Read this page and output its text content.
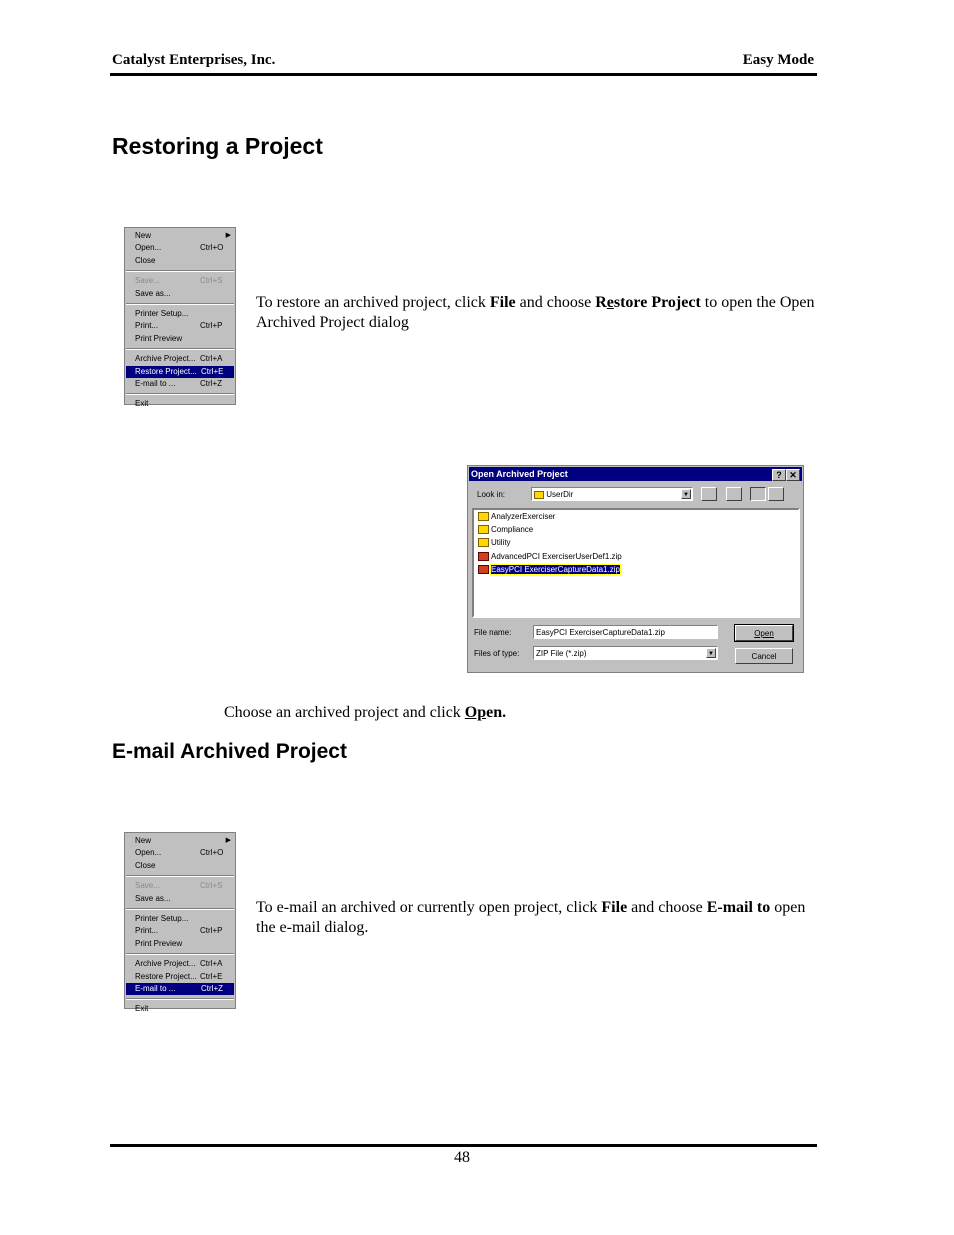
Catalyst Enterprises, Inc.	Easy Mode
Restoring a Project
New	▶
Open...	Ctrl+O
Close
Save...	Ctrl+S
Save as...
Printer Setup...
Print...	Ctrl+P
Print Preview
Archive Project... Ctrl+A
Restore Project... Ctrl+E
E-mail to ...	Ctrl+Z
Exit
To restore an archived project, click File and choose Restore Project to open the Open Archived Project dialog
Open Archived Project	? ✕
Look in:	UserDir	▼
AnalyzerExerciser
Compliance
Utility
AdvancedPCI ExerciserUserDef1.zip
EasyPCI ExerciserCaptureData1.zip
File name:	EasyPCI ExerciserCaptureData1.zip
Files of type:	ZIP File (*.zip)	▼
Open
Cancel
Choose an archived project and click Open.
E-mail Archived Project
New	▶
Open...	Ctrl+O
Close
Save...	Ctrl+S
Save as...
Printer Setup...
Print...	Ctrl+P
Print Preview
Archive Project... Ctrl+A
Restore Project... Ctrl+E
E-mail to ...	Ctrl+Z
Exit
To e-mail an archived or currently open project, click File and choose E-mail to open the e-mail dialog.
48
